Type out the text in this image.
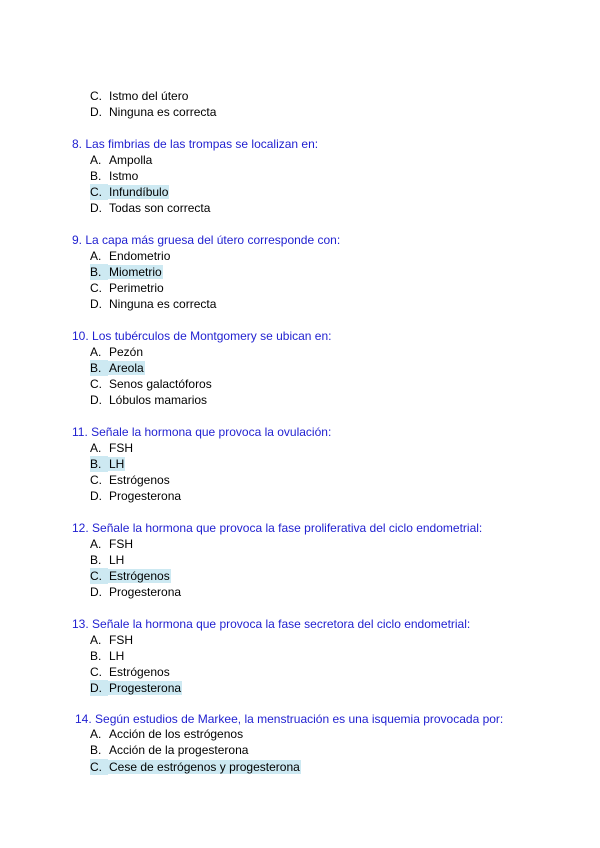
C. Istmo del útero
D. Ninguna es correcta
8. Las fimbrias de las trompas se localizan en:
A. Ampolla
B. Istmo
C. Infundíbulo
D. Todas son correcta
9. La capa más gruesa del útero corresponde con:
A. Endometrio
B. Miometrio
C. Perimetrio
D. Ninguna es correcta
10. Los tubérculos de Montgomery se ubican en:
A. Pezón
B. Areola
C. Senos galactóforos
D. Lóbulos mamarios
11. Señale la hormona que provoca la ovulación:
A. FSH
B. LH
C. Estrógenos
D. Progesterona
12. Señale la hormona que provoca la fase proliferativa del ciclo endometrial:
A. FSH
B. LH
C. Estrógenos
D. Progesterona
13. Señale la hormona que provoca la fase secretora del ciclo endometrial:
A. FSH
B. LH
C. Estrógenos
D. Progesterona
14. Según estudios de Markee, la menstruación es una isquemia provocada por:
A. Acción de los estrógenos
B. Acción de la progesterona
C. Cese de estrógenos y progesterona
